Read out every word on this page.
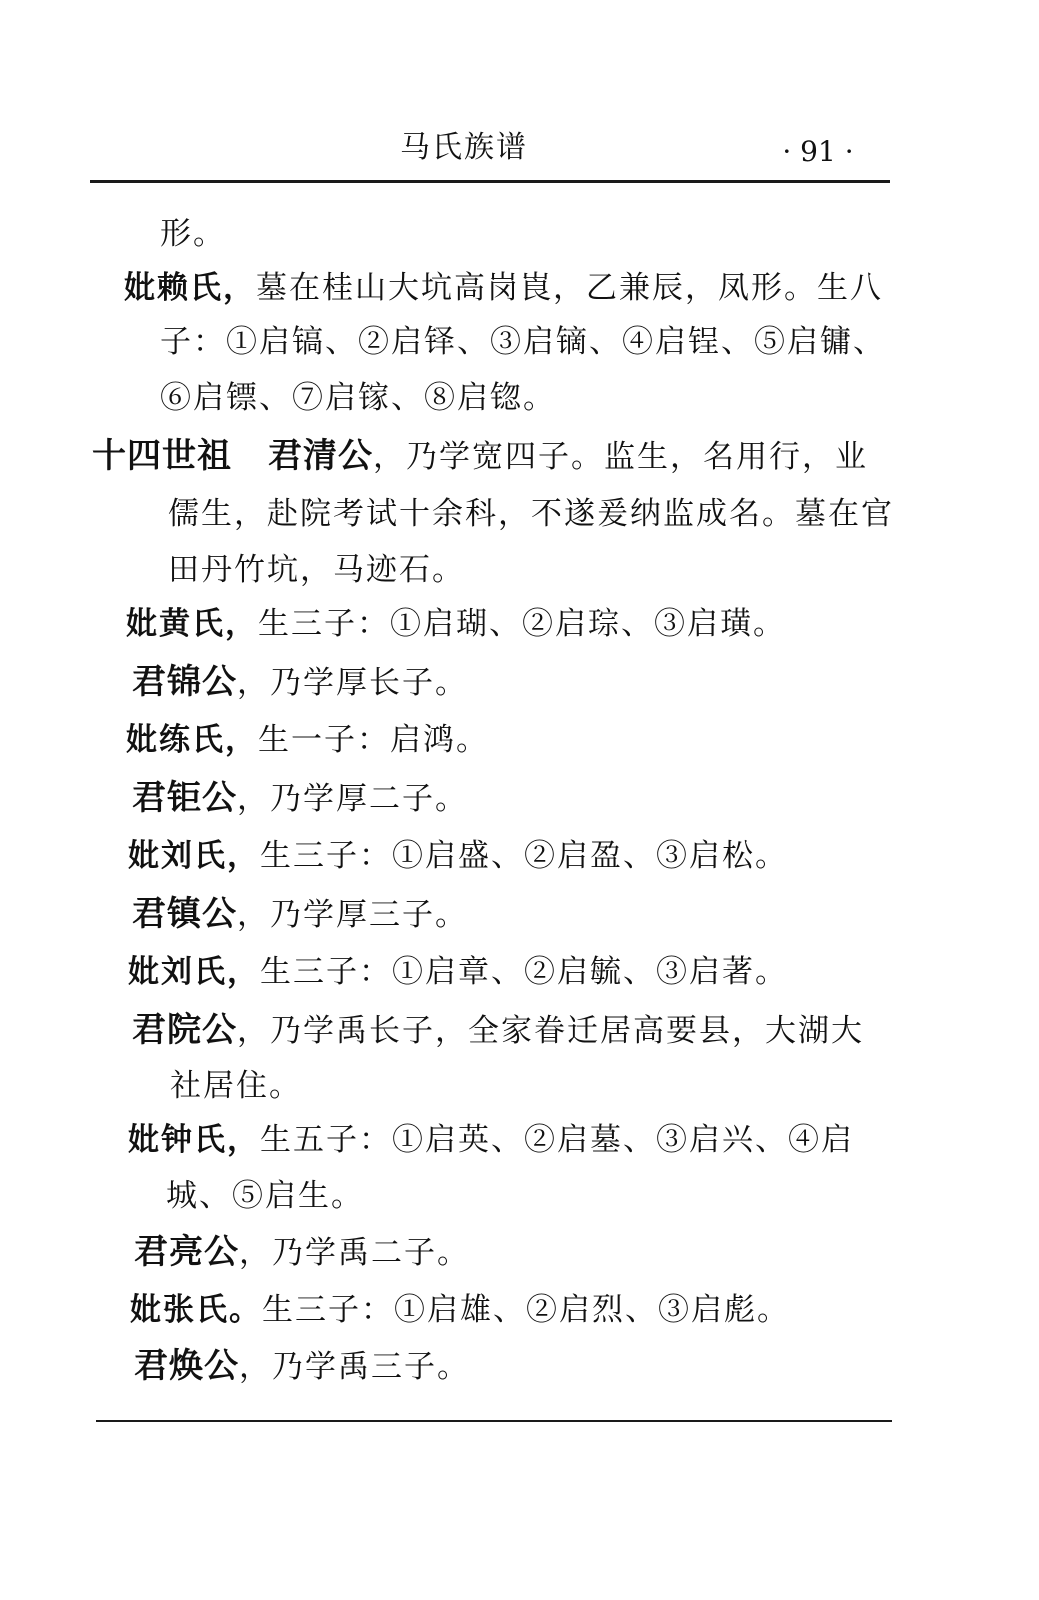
马氏族谱	· 91 ·
形。
妣赖氏，墓在桂山大坑高岗崀，乙兼辰，凤形。生八
子：①启镐、②启铎、③启镝、④启锃、⑤启镛、
⑥启镖、⑦启镓、⑧启锪。
十四世祖 君清公，乃学宽四子。监生，名用行，业
儒生，赴院考试十余科，不遂爰纳监成名。墓在官
田丹竹坑，马迹石。
妣黄氏，生三子：①启瑚、②启琮、③启璜。
君锦公，乃学厚长子。
妣练氏，生一子：启鸿。
君钜公，乃学厚二子。
妣刘氏，生三子：①启盛、②启盈、③启松。
君镇公，乃学厚三子。
妣刘氏，生三子：①启章、②启毓、③启著。
君院公，乃学禹长子，全家眷迁居高要县，大湖大
社居住。
妣钟氏，生五子：①启英、②启墓、③启兴、④启
城、⑤启生。
君亮公，乃学禹二子。
妣张氏。生三子：①启雄、②启烈、③启彪。
君焕公，乃学禹三子。
